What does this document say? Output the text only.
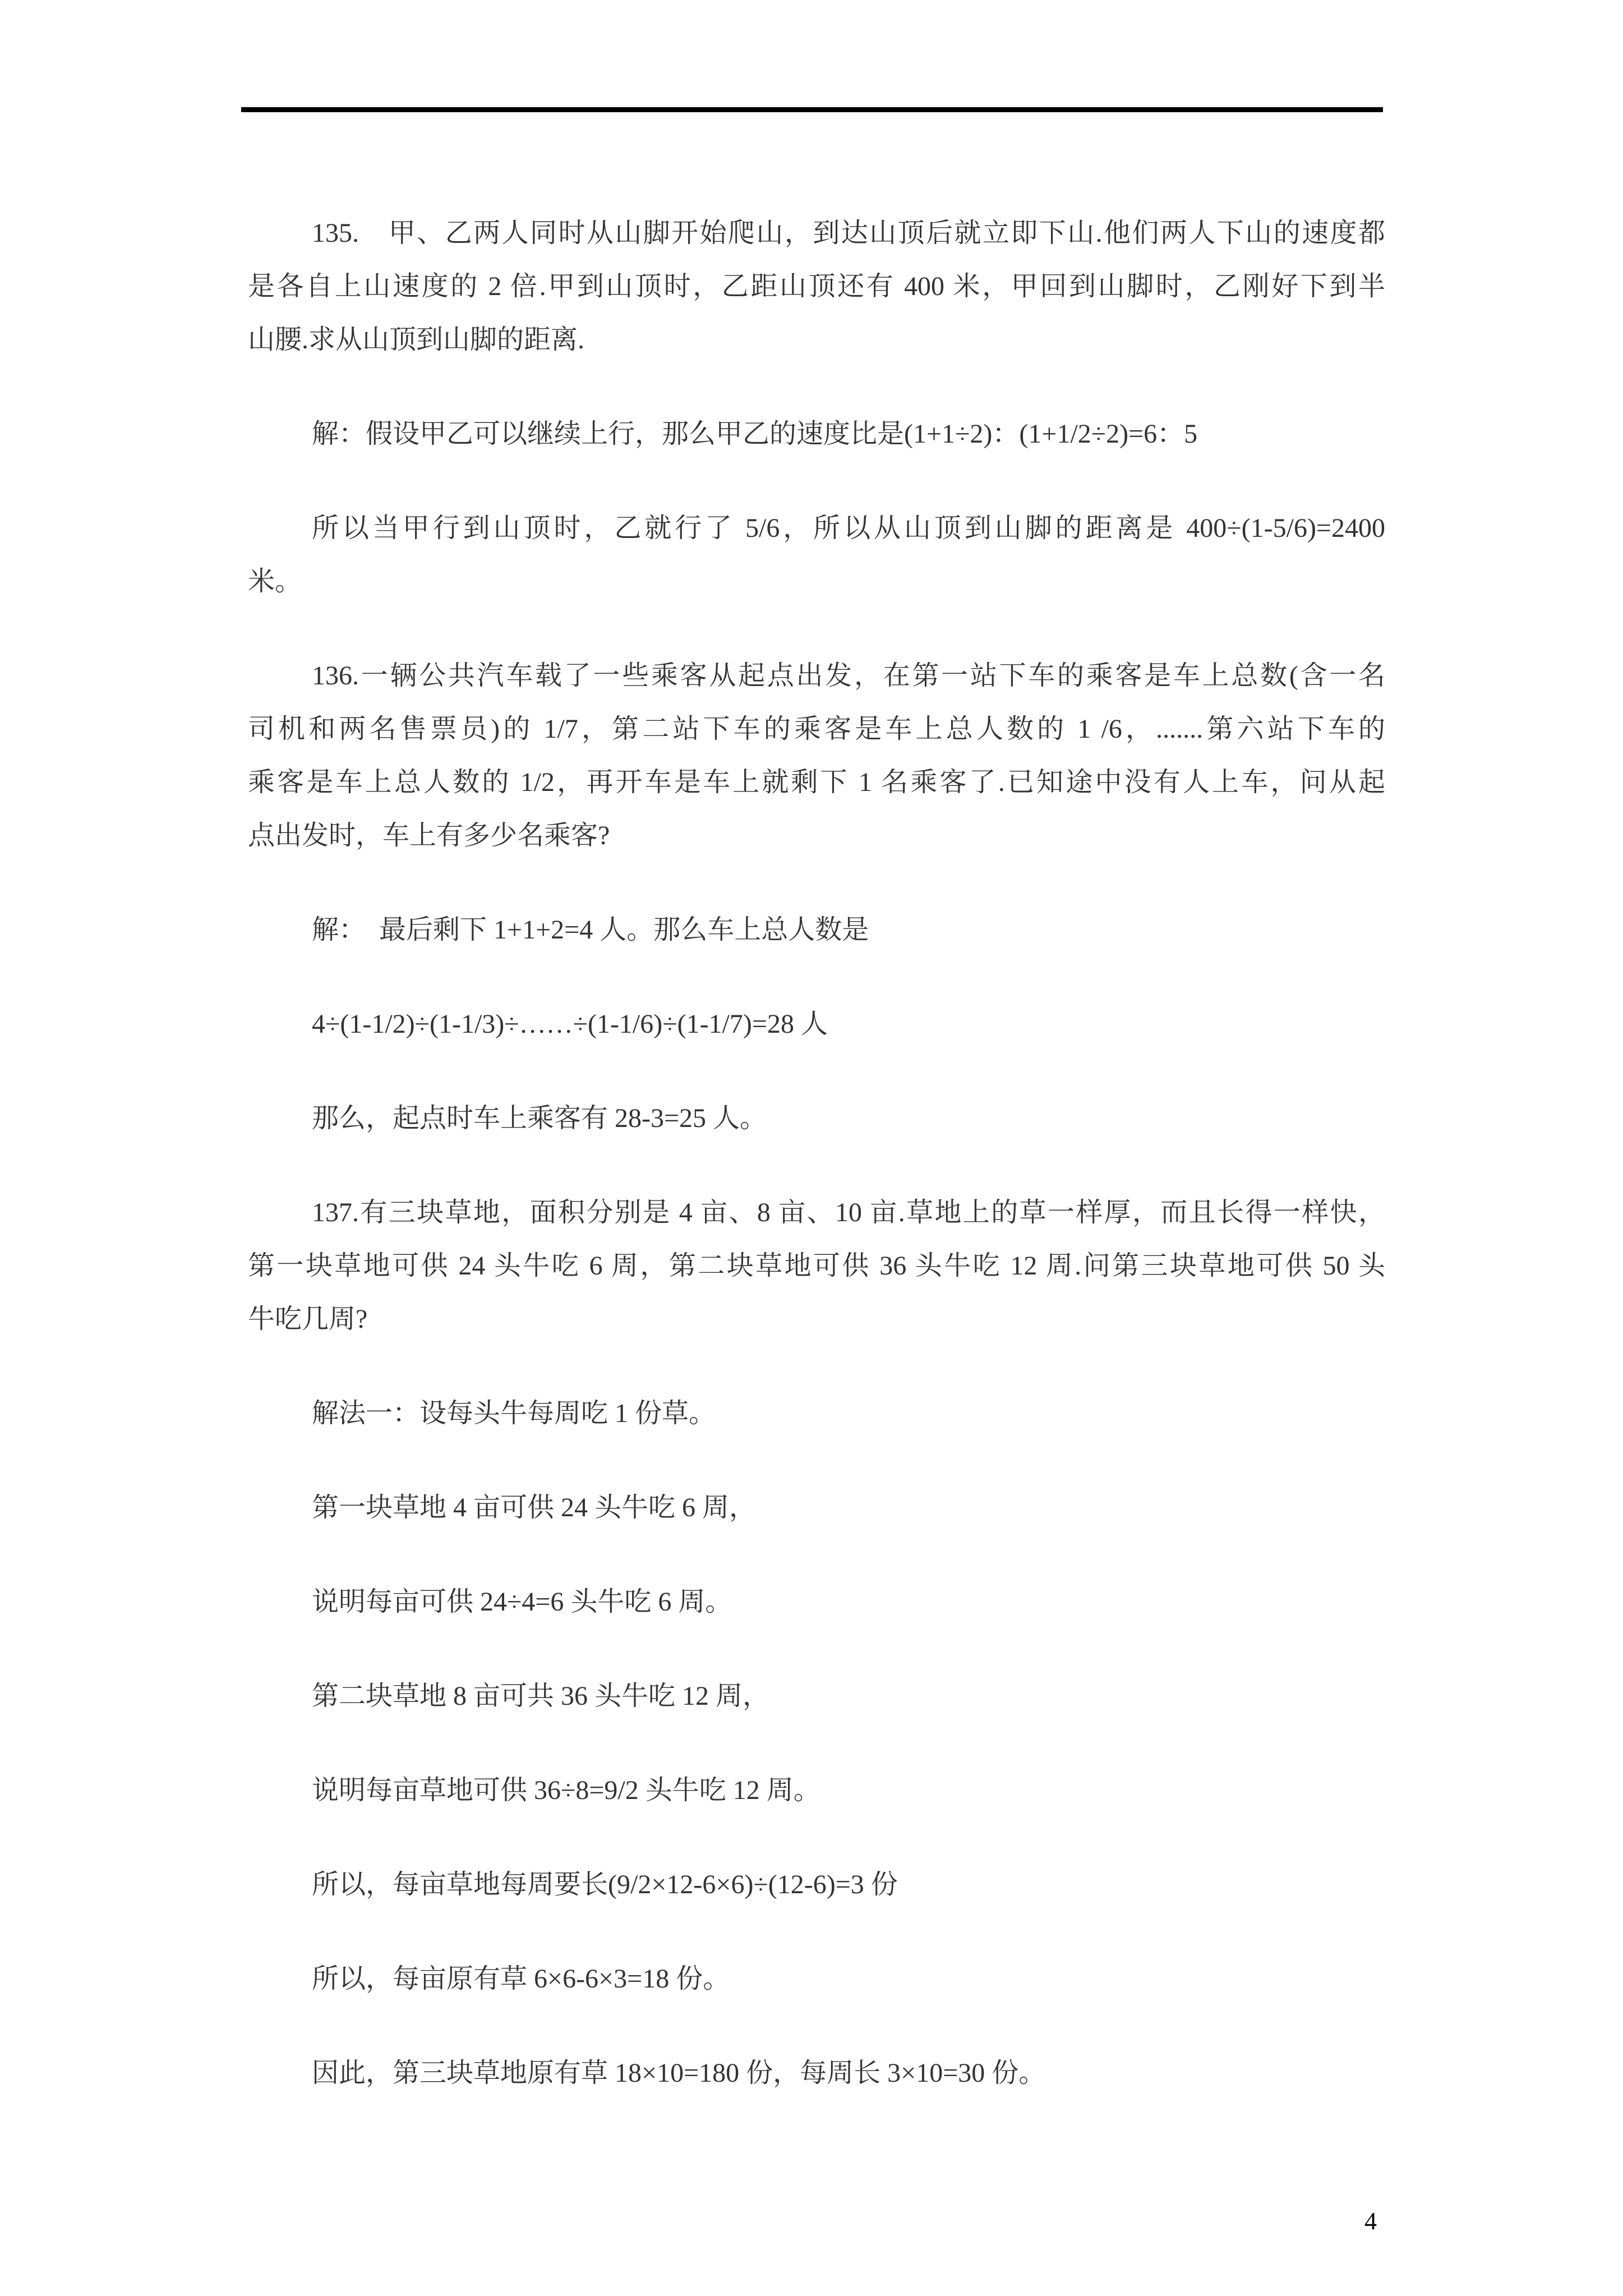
135.　甲、乙两人同时从山脚开始爬山，到达山顶后就立即下山.他们两人下山的速度都
是各自上山速度的 2 倍.甲到山顶时，乙距山顶还有 400 米，甲回到山脚时，乙刚好下到半
山腰.求从山顶到山脚的距离.
解：假设甲乙可以继续上行，那么甲乙的速度比是(1+1÷2)：(1+1/2÷2)=6：5
所以当甲行到山顶时，乙就行了 5/6，所以从山顶到山脚的距离是 400÷(1-5/6)=2400
米。
136.一辆公共汽车载了一些乘客从起点出发，在第一站下车的乘客是车上总数(含一名
司机和两名售票员)的 1/7，第二站下车的乘客是车上总人数的 1 /6，.......第六站下车的
乘客是车上总人数的 1/2，再开车是车上就剩下 1 名乘客了.已知途中没有人上车，问从起
点出发时，车上有多少名乘客?
解：　最后剩下 1+1+2=4 人。那么车上总人数是
4÷(1-1/2)÷(1-1/3)÷……÷(1-1/6)÷(1-1/7)=28 人
那么，起点时车上乘客有 28-3=25 人。
137.有三块草地，面积分别是 4 亩、8 亩、10 亩.草地上的草一样厚，而且长得一样快，
第一块草地可供 24 头牛吃 6 周，第二块草地可供 36 头牛吃 12 周.问第三块草地可供 50 头
牛吃几周?
解法一：设每头牛每周吃 1 份草。
第一块草地 4 亩可供 24 头牛吃 6 周，
说明每亩可供 24÷4=6 头牛吃 6 周。
第二块草地 8 亩可共 36 头牛吃 12 周，
说明每亩草地可供 36÷8=9/2 头牛吃 12 周。
所以，每亩草地每周要长(9/2×12-6×6)÷(12-6)=3 份
所以，每亩原有草 6×6-6×3=18 份。
因此，第三块草地原有草 18×10=180 份，每周长 3×10=30 份。
4
